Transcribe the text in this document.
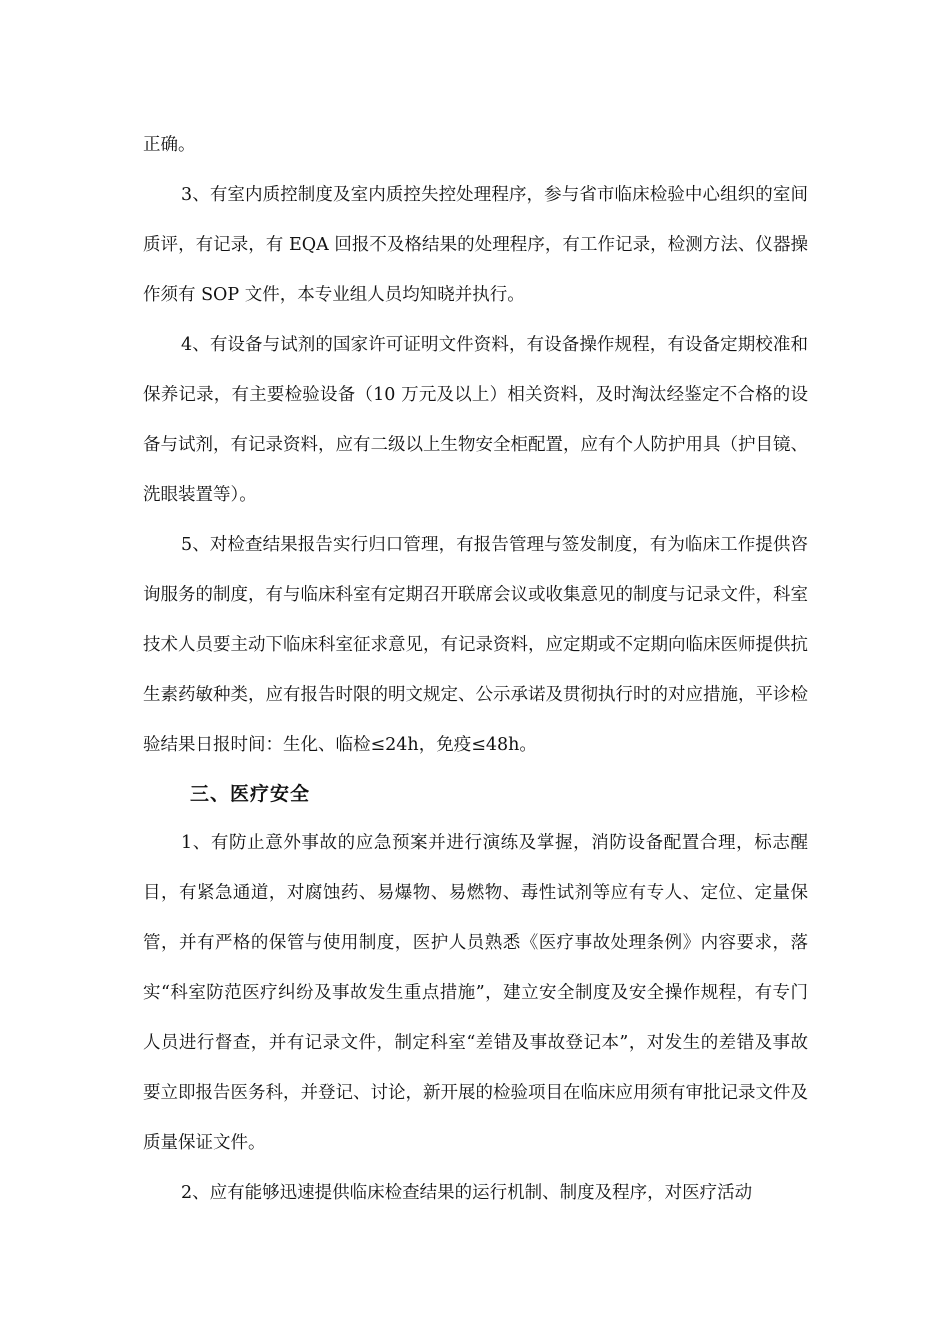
正确。

3、有室内质控制度及室内质控失控处理程序，参与省市临床检验中心组织的室间质评，有记录，有 EQA 回报不及格结果的处理程序，有工作记录，检测方法、仪器操作须有 SOP 文件，本专业组人员均知晓并执行。

4、有设备与试剂的国家许可证明文件资料，有设备操作规程，有设备定期校准和保养记录，有主要检验设备（10 万元及以上）相关资料，及时淘汰经鉴定不合格的设备与试剂，有记录资料，应有二级以上生物安全柜配置，应有个人防护用具（护目镜、洗眼装置等）。

5、对检查结果报告实行归口管理，有报告管理与签发制度，有为临床工作提供咨询服务的制度，有与临床科室有定期召开联席会议或收集意见的制度与记录文件，科室技术人员要主动下临床科室征求意见，有记录资料，应定期或不定期向临床医师提供抗生素药敏种类，应有报告时限的明文规定、公示承诺及贯彻执行时的对应措施，平诊检验结果日报时间：生化、临检≤24h，免疫≤48h。

三、医疗安全

1、有防止意外事故的应急预案并进行演练及掌握，消防设备配置合理，标志醒目，有紧急通道，对腐蚀药、易爆物、易燃物、毒性试剂等应有专人、定位、定量保管，并有严格的保管与使用制度，医护人员熟悉《医疗事故处理条例》内容要求，落实“科室防范医疗纠纷及事故发生重点措施”，建立安全制度及安全操作规程，有专门人员进行督查，并有记录文件，制定科室“差错及事故登记本”，对发生的差错及事故要立即报告医务科，并登记、讨论，新开展的检验项目在临床应用须有审批记录文件及质量保证文件。

2、应有能够迅速提供临床检查结果的运行机制、制度及程序，对医疗活动
